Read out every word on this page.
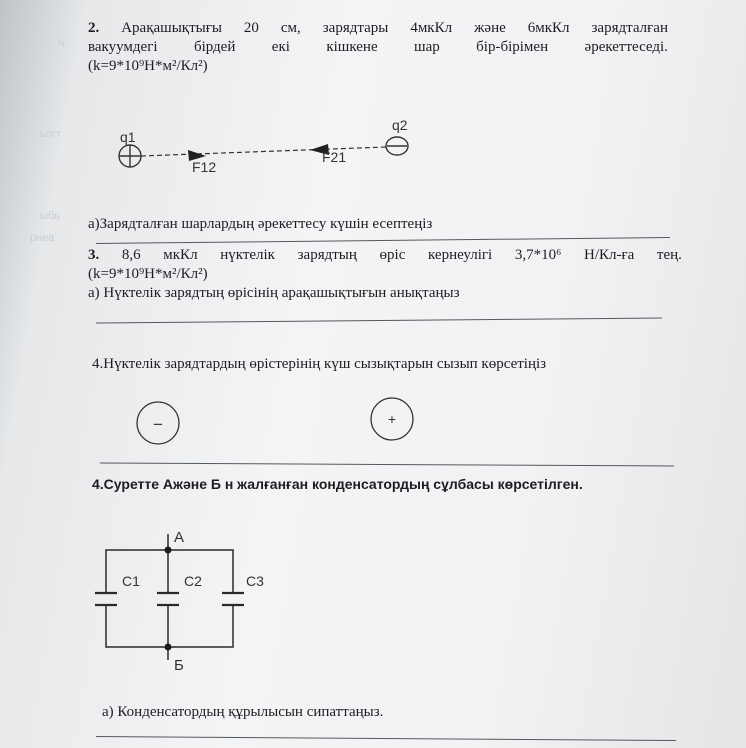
ц
ьлгт
ыбь
рнеа
2. Арақашықтығы 20 см, зарядтары 4мкКл және 6мкКл зарядталған
вакуумдегі бірдей екі кішкене шар бір-бірімен әрекеттеседі.
(k=9*10⁹Н*м²/Кл²)
q1
q2
F12
F21
а)Зарядталған шарлардың әрекеттесу күшін есептеңіз
3. 8,6 мкКл нүктелік зарядтың өріс кернеулігі 3,7*10⁶ Н/Кл-ға тең.
(k=9*10⁹Н*м²/Кл²)
а) Нүктелік зарядтың өрісінің арақашықтығын анықтаңыз
4.Нүктелік зарядтардың өрістерінің күш сызықтарын сызып көрсетіңіз
−	+
4.Суретте Ажәне Б н жалғанған конденсатордың сұлбасы көрсетілген.
А
Б
С1	С2	С3
а) Конденсатордың құрылысын сипаттаңыз.
